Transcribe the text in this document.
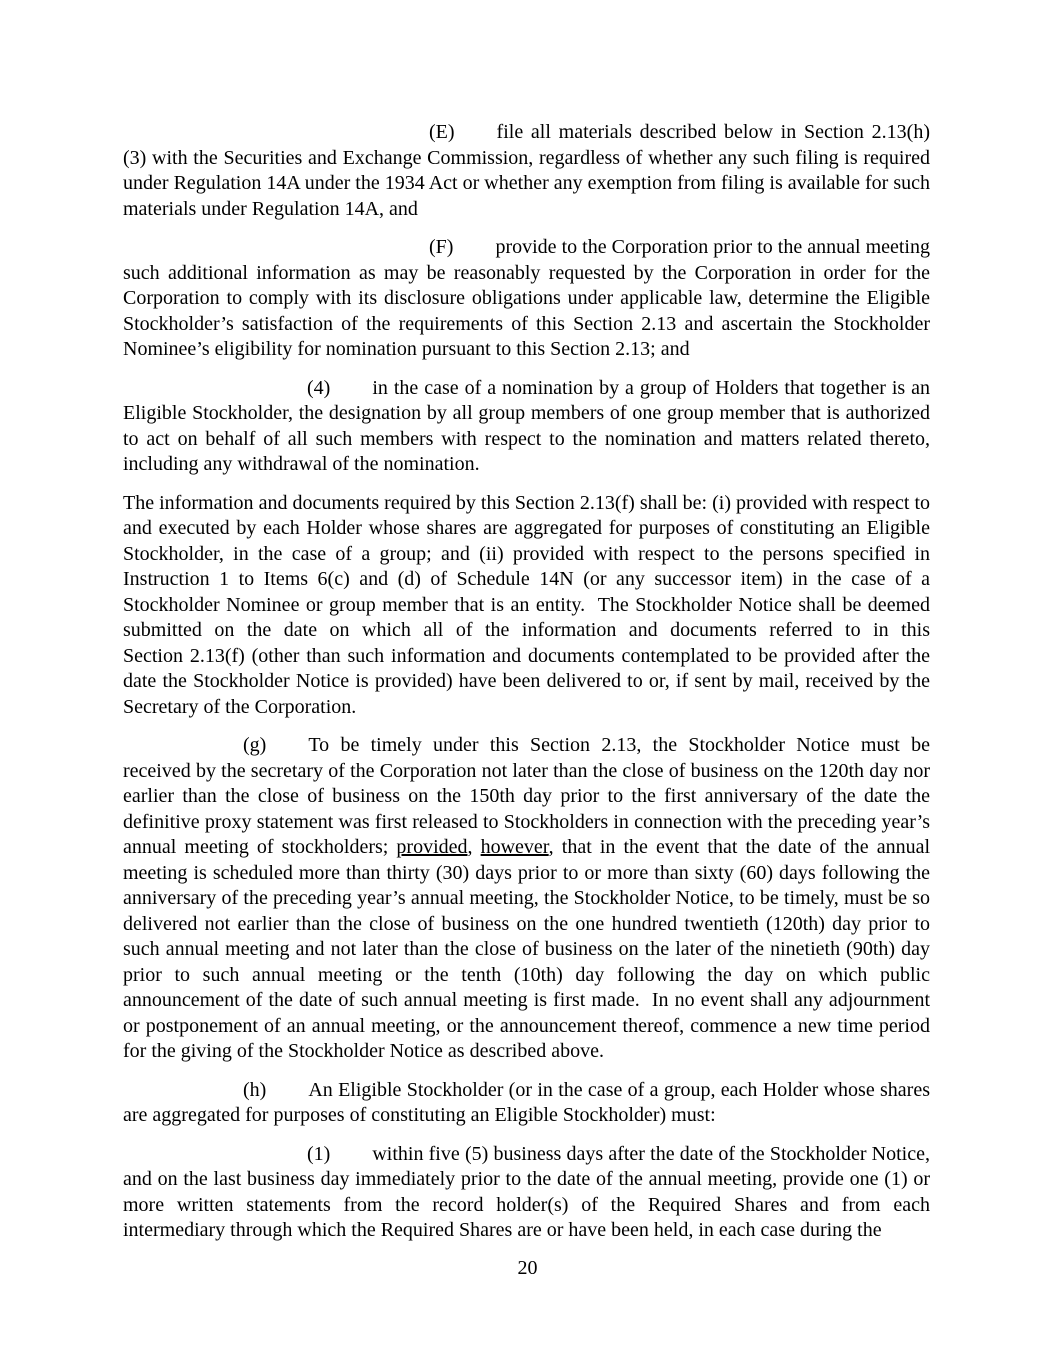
(E) file all materials described below in Section 2.13(h)(3) with the Securities and Exchange Commission, regardless of whether any such filing is required under Regulation 14A under the 1934 Act or whether any exemption from filing is available for such materials under Regulation 14A, and

(F) provide to the Corporation prior to the annual meeting such additional information as may be reasonably requested by the Corporation in order for the Corporation to comply with its disclosure obligations under applicable law, determine the Eligible Stockholder’s satisfaction of the requirements of this Section 2.13 and ascertain the Stockholder Nominee’s eligibility for nomination pursuant to this Section 2.13; and

(4) in the case of a nomination by a group of Holders that together is an Eligible Stockholder, the designation by all group members of one group member that is authorized to act on behalf of all such members with respect to the nomination and matters related thereto, including any withdrawal of the nomination.

The information and documents required by this Section 2.13(f) shall be: (i) provided with respect to and executed by each Holder whose shares are aggregated for purposes of constituting an Eligible Stockholder, in the case of a group; and (ii) provided with respect to the persons specified in Instruction 1 to Items 6(c) and (d) of Schedule 14N (or any successor item) in the case of a Stockholder Nominee or group member that is an entity.  The Stockholder Notice shall be deemed submitted on the date on which all of the information and documents referred to in this Section 2.13(f) (other than such information and documents contemplated to be provided after the date the Stockholder Notice is provided) have been delivered to or, if sent by mail, received by the Secretary of the Corporation.

(g) To be timely under this Section 2.13, the Stockholder Notice must be received by the secretary of the Corporation not later than the close of business on the 120th day nor earlier than the close of business on the 150th day prior to the first anniversary of the date the definitive proxy statement was first released to Stockholders in connection with the preceding year’s annual meeting of stockholders; provided, however, that in the event that the date of the annual meeting is scheduled more than thirty (30) days prior to or more than sixty (60) days following the anniversary of the preceding year’s annual meeting, the Stockholder Notice, to be timely, must be so delivered not earlier than the close of business on the one hundred twentieth (120th) day prior to such annual meeting and not later than the close of business on the later of the ninetieth (90th) day prior to such annual meeting or the tenth (10th) day following the day on which public announcement of the date of such annual meeting is first made.  In no event shall any adjournment or postponement of an annual meeting, or the announcement thereof, commence a new time period for the giving of the Stockholder Notice as described above.

(h) An Eligible Stockholder (or in the case of a group, each Holder whose shares are aggregated for purposes of constituting an Eligible Stockholder) must:

(1) within five (5) business days after the date of the Stockholder Notice, and on the last business day immediately prior to the date of the annual meeting, provide one (1) or more written statements from the record holder(s) of the Required Shares and from each intermediary through which the Required Shares are or have been held, in each case during the

20
